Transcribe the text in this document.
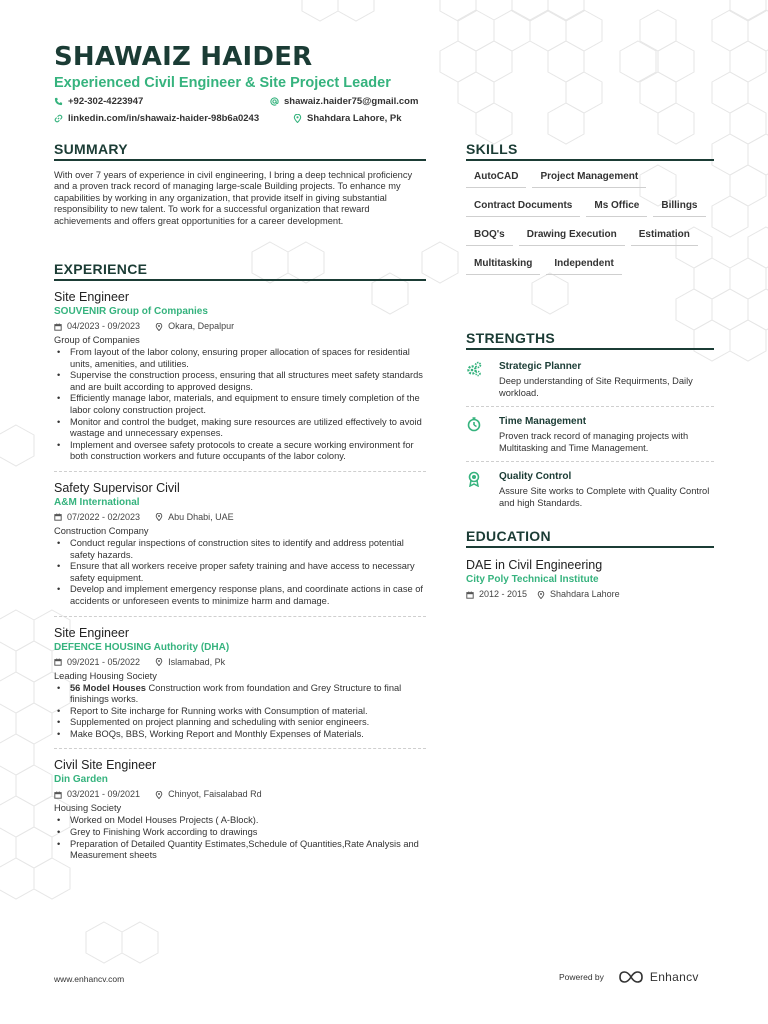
SHAWAIZ HAIDER
Experienced Civil Engineer & Site Project Leader
+92-302-4223947	shawaiz.haider75@gmail.com
linkedin.com/in/shawaiz-haider-98b6a0243	Shahdara Lahore, Pk
SUMMARY
With over 7 years of experience in civil engineering, I bring a deep technical proficiency and a proven track record of managing large-scale Building projects. To enhance my capabilities by working in any organization, that provide itself in giving substantial responsibility to new talent. To work for a successful organization that reward achievements and offers great opportunities for a career development.
EXPERIENCE
Site Engineer
SOUVENIR Group of Companies
04/2023 - 09/2023	Okara, Depalpur
Group of Companies
• From layout of the labor colony, ensuring proper allocation of spaces for residential units, amenities, and utilities.
• Supervise the construction process, ensuring that all structures meet safety standards and are built according to approved designs.
• Efficiently manage labor, materials, and equipment to ensure timely completion of the labor colony construction project.
• Monitor and control the budget, making sure resources are utilized effectively to avoid wastage and unnecessary expenses.
• Implement and oversee safety protocols to create a secure working environment for both construction workers and future occupants of the labor colony.
Safety Supervisor Civil
A&M International
07/2022 - 02/2023	Abu Dhabi, UAE
Construction Company
• Conduct regular inspections of construction sites to identify and address potential safety hazards.
• Ensure that all workers receive proper safety training and have access to necessary safety equipment.
• Develop and implement emergency response plans, and coordinate actions in case of accidents or unforeseen events to minimize harm and damage.
Site Engineer
DEFENCE HOUSING Authority (DHA)
09/2021 - 05/2022	Islamabad, Pk
Leading Housing Society
• 56 Model Houses Construction work from foundation and Grey Structure to final
finishings works.
• Report to Site incharge for Running works with Consumption of material.
• Supplemented on project planning and scheduling with senior engineers.
• Make BOQs, BBS, Working Report and Monthly Expenses of Materials.
Civil Site Engineer
Din Garden
03/2021 - 09/2021	Chinyot, Faisalabad Rd
Housing Society
• Worked on Model Houses Projects ( A-Block).
• Grey to Finishing Work according to drawings
• Preparation of Detailed Quantity Estimates,Schedule of Quantities,Rate Analysis and Measurement sheets
SKILLS
AutoCAD	Project Management
Contract Documents	Ms Office	Billings
BOQ's	Drawing Execution	Estimation
Multitasking	Independent
STRENGTHS
Strategic Planner
Deep understanding of Site Requirments, Daily workload.
Time Management
Proven track record of managing projects with Multitasking and Time Management.
Quality Control
Assure Site works to Complete with Quality Control and high Standards.
EDUCATION
DAE in Civil Engineering
City Poly Technical Institute
2012 - 2015	Shahdara Lahore
www.enhancv.com	Powered by	Enhancv
